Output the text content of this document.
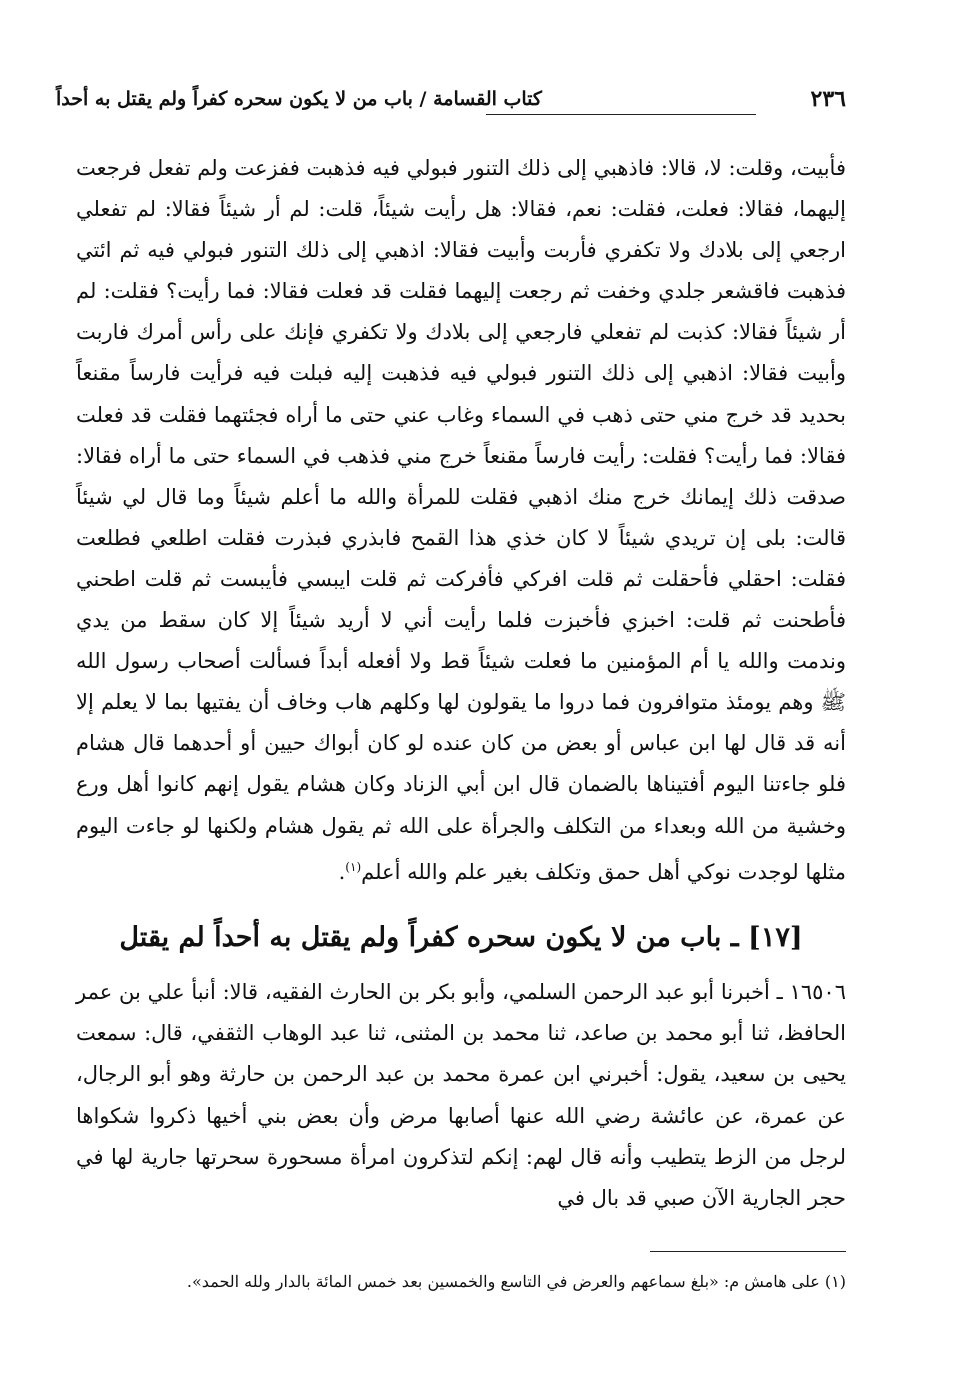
٢٣٦
كتاب القسامة / باب من لا يكون سحره كفراً ولم يقتل به أحداً

فأبيت، وقلت: لا، قالا: فاذهبي إلى ذلك التنور فبولي فيه فذهبت ففزعت ولم تفعل فرجعت إليهما، فقالا: فعلت، فقلت: نعم، فقالا: هل رأيت شيئاً، قلت: لم أر شيئاً فقالا: لم تفعلي ارجعي إلى بلادك ولا تكفري فأربت وأبيت فقالا: اذهبي إلى ذلك التنور فبولي فيه ثم ائتي فذهبت فاقشعر جلدي وخفت ثم رجعت إليهما فقلت قد فعلت فقالا: فما رأيت؟ فقلت: لم أر شيئاً فقالا: كذبت لم تفعلي فارجعي إلى بلادك ولا تكفري فإنك على رأس أمرك فاربت وأبيت فقالا: اذهبي إلى ذلك التنور فبولي فيه فذهبت إليه فبلت فيه فرأيت فارساً مقنعاً بحديد قد خرج مني حتى ذهب في السماء وغاب عني حتى ما أراه فجئتهما فقلت قد فعلت فقالا: فما رأيت؟ فقلت: رأيت فارساً مقنعاً خرج مني فذهب في السماء حتى ما أراه فقالا: صدقت ذلك إيمانك خرج منك اذهبي فقلت للمرأة والله ما أعلم شيئاً وما قال لي شيئاً قالت: بلى إن تريدي شيئاً لا كان خذي هذا القمح فابذري فبذرت فقلت اطلعي فطلعت فقلت: احقلي فأحقلت ثم قلت افركي فأفركت ثم قلت ايبسي فأيبست ثم قلت اطحني فأطحنت ثم قلت: اخبزي فأخبزت فلما رأيت أني لا أريد شيئاً إلا كان سقط من يدي وندمت والله يا أم المؤمنين ما فعلت شيئاً قط ولا أفعله أبداً فسألت أصحاب رسول الله ﷺ وهم يومئذ متوافرون فما دروا ما يقولون لها وكلهم هاب وخاف أن يفتيها بما لا يعلم إلا أنه قد قال لها ابن عباس أو بعض من كان عنده لو كان أبواك حيين أو أحدهما قال هشام فلو جاءتنا اليوم أفتيناها بالضمان قال ابن أبي الزناد وكان هشام يقول إنهم كانوا أهل ورع وخشية من الله وبعداء من التكلف والجرأة على الله ثم يقول هشام ولكنها لو جاءت اليوم مثلها لوجدت نوكي أهل حمق وتكلف بغير علم والله أعلم$^{(١)}$.

[١٧] ـ باب من لا يكون سحره كفراً ولم يقتل به أحداً لم يقتل

١٦٥٠٦ ـ أخبرنا أبو عبد الرحمن السلمي، وأبو بكر بن الحارث الفقيه، قالا: أنبأ علي بن عمر الحافظ، ثنا أبو محمد بن صاعد، ثنا محمد بن المثنى، ثنا عبد الوهاب الثقفي، قال: سمعت يحيى بن سعيد، يقول: أخبرني ابن عمرة محمد بن عبد الرحمن بن حارثة وهو أبو الرجال، عن عمرة، عن عائشة رضي الله عنها أصابها مرض وأن بعض بني أخيها ذكروا شكواها لرجل من الزط يتطيب وأنه قال لهم: إنكم لتذكرون امرأة مسحورة سحرتها جارية لها في حجر الجارية الآن صبي قد بال في

(١) على هامش م: «بلغ سماعهم والعرض في التاسع والخمسين بعد خمس المائة بالدار ولله الحمد».
